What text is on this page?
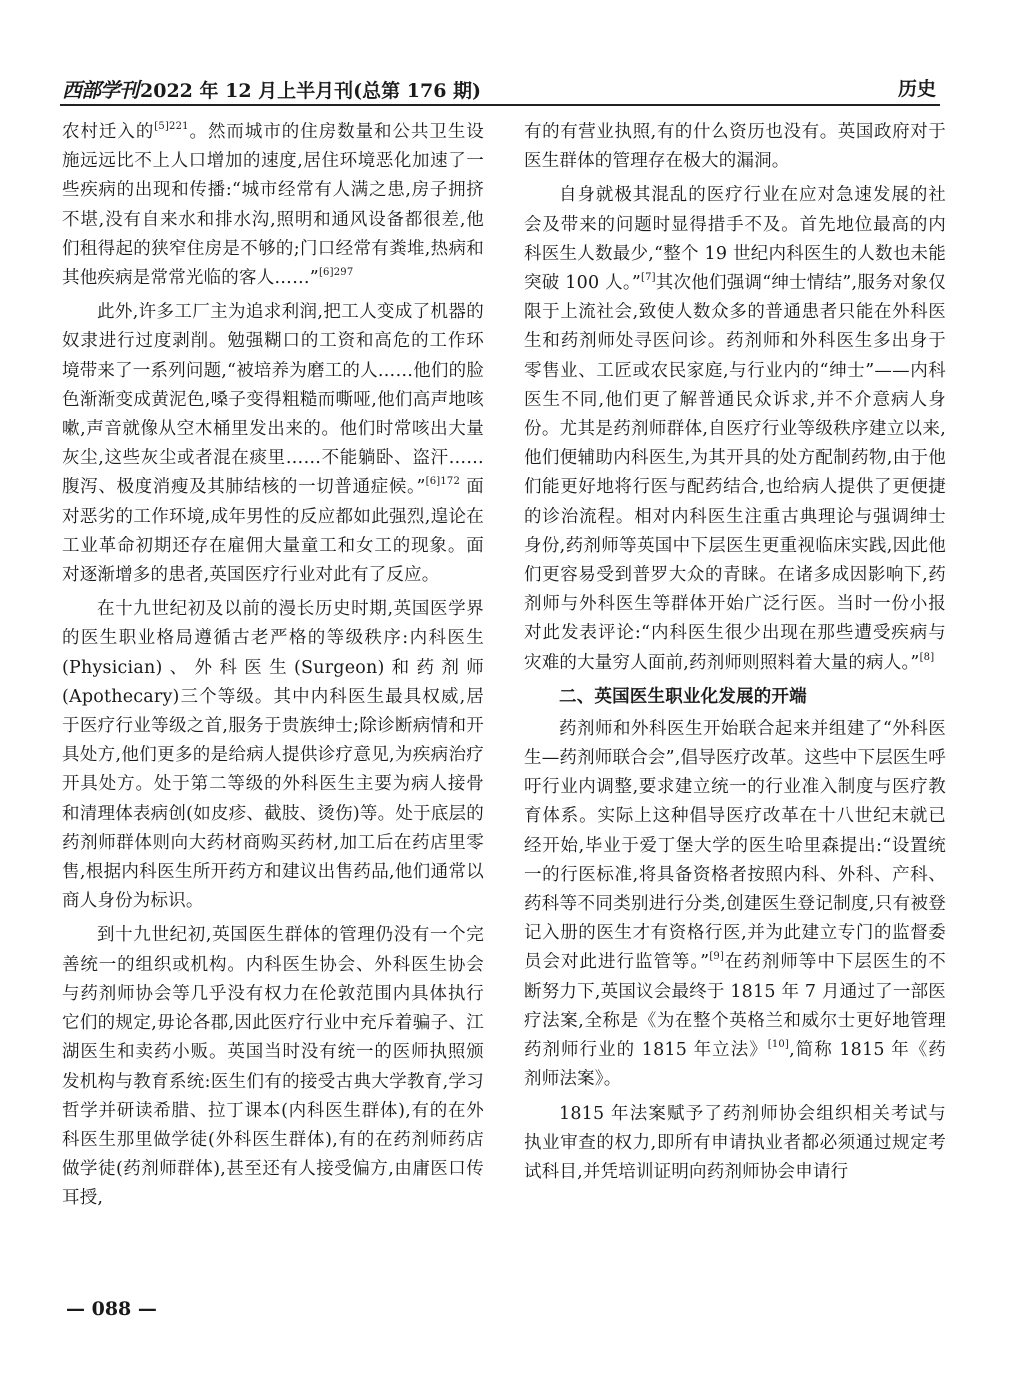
西部学刊 2022 年 12 月上半月刊(总第 176 期)	历史

农村迁入的$^{[5]221}$。然而城市的住房数量和公共卫生设施远远比不上人口增加的速度,居住环境恶化加速了一些疾病的出现和传播:“城市经常有人满之患,房子拥挤不堪,没有自来水和排水沟,照明和通风设备都很差,他们租得起的狭窄住房是不够的;门口经常有粪堆,热病和其他疾病是常常光临的客人……”$^{[6]297}$

此外,许多工厂主为追求利润,把工人变成了机器的奴隶进行过度剥削。勉强糊口的工资和高危的工作环境带来了一系列问题,“被培养为磨工的人……他们的脸色渐渐变成黄泥色,嗓子变得粗糙而嘶哑,他们高声地咳嗽,声音就像从空木桶里发出来的。他们时常咳出大量灰尘,这些灰尘或者混在痰里……不能躺卧、盗汗……腹泻、极度消瘦及其肺结核的一切普通症候。”$^{[6]172}$ 面对恶劣的工作环境,成年男性的反应都如此强烈,遑论在工业革命初期还存在雇佣大量童工和女工的现象。面对逐渐增多的患者,英国医疗行业对此有了反应。

在十九世纪初及以前的漫长历史时期,英国医学界的医生职业格局遵循古老严格的等级秩序:内科医生(Physician)、外科医生(Surgeon)和药剂师(Apothecary)三个等级。其中内科医生最具权威,居于医疗行业等级之首,服务于贵族绅士;除诊断病情和开具处方,他们更多的是给病人提供诊疗意见,为疾病治疗开具处方。处于第二等级的外科医生主要为病人接骨和清理体表病创(如皮疹、截肢、烫伤)等。处于底层的药剂师群体则向大药材商购买药材,加工后在药店里零售,根据内科医生所开药方和建议出售药品,他们通常以商人身份为标识。

到十九世纪初,英国医生群体的管理仍没有一个完善统一的组织或机构。内科医生协会、外科医生协会与药剂师协会等几乎没有权力在伦敦范围内具体执行它们的规定,毋论各郡,因此医疗行业中充斥着骗子、江湖医生和卖药小贩。英国当时没有统一的医师执照颁发机构与教育系统:医生们有的接受古典大学教育,学习哲学并研读希腊、拉丁课本(内科医生群体),有的在外科医生那里做学徒(外科医生群体),有的在药剂师药店做学徒(药剂师群体),甚至还有人接受偏方,由庸医口传耳授,

有的有营业执照,有的什么资历也没有。英国政府对于医生群体的管理存在极大的漏洞。

自身就极其混乱的医疗行业在应对急速发展的社会及带来的问题时显得措手不及。首先地位最高的内科医生人数最少,“整个 19 世纪内科医生的人数也未能突破 100 人。”[7]其次他们强调“绅士情结”,服务对象仅限于上流社会,致使人数众多的普通患者只能在外科医生和药剂师处寻医问诊。药剂师和外科医生多出身于零售业、工匠或农民家庭,与行业内的“绅士”——内科医生不同,他们更了解普通民众诉求,并不介意病人身份。尤其是药剂师群体,自医疗行业等级秩序建立以来,他们便辅助内科医生,为其开具的处方配制药物,由于他们能更好地将行医与配药结合,也给病人提供了更便捷的诊治流程。相对内科医生注重古典理论与强调绅士身份,药剂师等英国中下层医生更重视临床实践,因此他们更容易受到普罗大众的青睐。在诸多成因影响下,药剂师与外科医生等群体开始广泛行医。当时一份小报对此发表评论:“内科医生很少出现在那些遭受疾病与灾难的大量穷人面前,药剂师则照料着大量的病人。”[8]

二、英国医生职业化发展的开端

药剂师和外科医生开始联合起来并组建了“外科医生—药剂师联合会”,倡导医疗改革。这些中下层医生呼吁行业内调整,要求建立统一的行业准入制度与医疗教育体系。实际上这种倡导医疗改革在十八世纪末就已经开始,毕业于爱丁堡大学的医生哈里森提出:“设置统一的行医标准,将具备资格者按照内科、外科、产科、药科等不同类别进行分类,创建医生登记制度,只有被登记入册的医生才有资格行医,并为此建立专门的监督委员会对此进行监管等。”[9]在药剂师等中下层医生的不断努力下,英国议会最终于 1815 年 7 月通过了一部医疗法案,全称是《为在整个英格兰和威尔士更好地管理药剂师行业的 1815 年立法》[10],简称 1815 年《药剂师法案》。

1815 年法案赋予了药剂师协会组织相关考试与执业审查的权力,即所有申请执业者都必须通过规定考试科目,并凭培训证明向药剂师协会申请行

— 088 —
